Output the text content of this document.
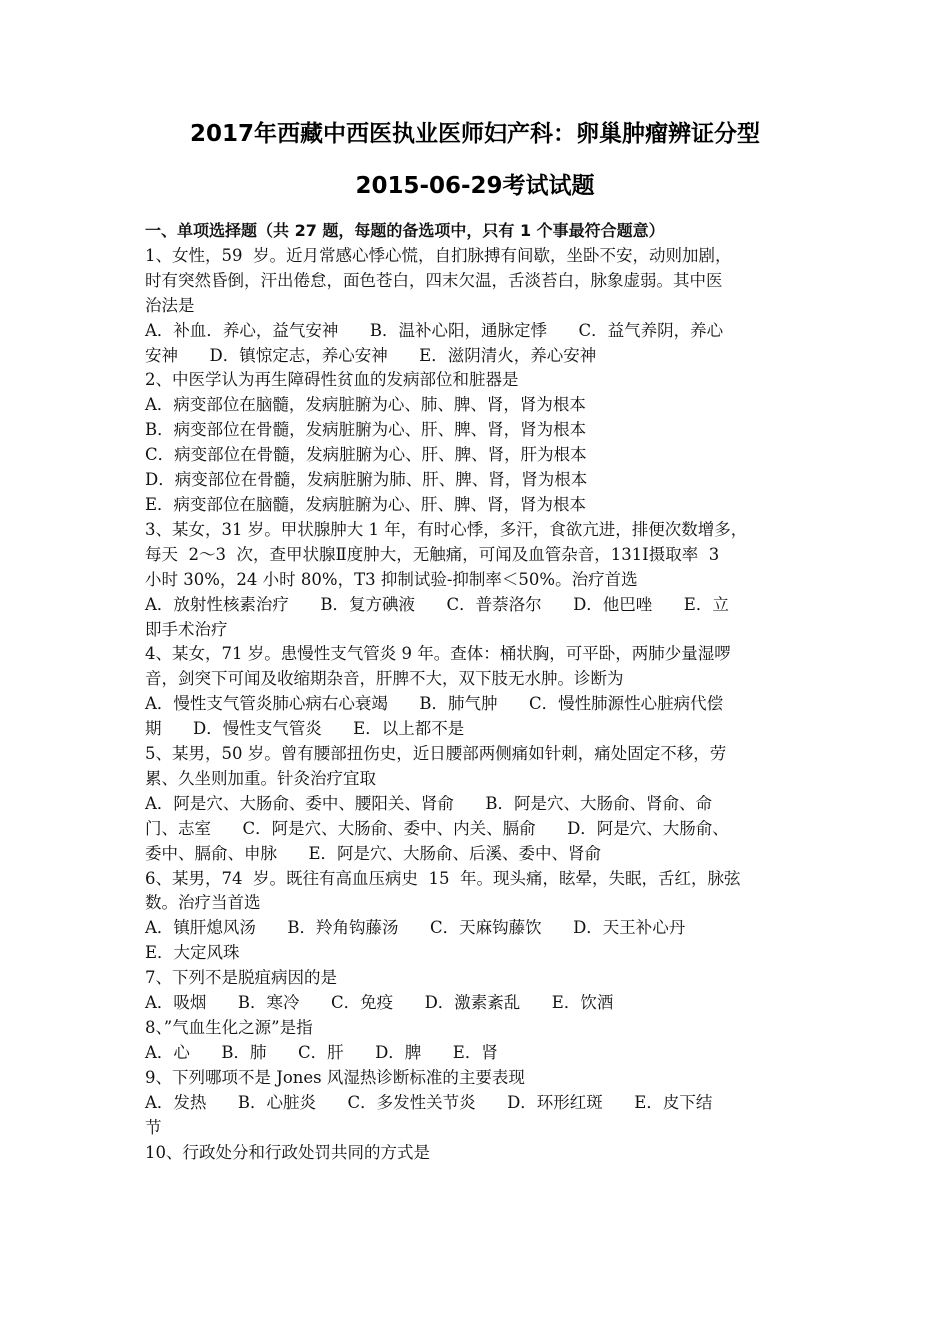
2017年西藏中西医执业医师妇产科：卵巢肿瘤辨证分型
2015-06-29考试试题
一、单项选择题（共 27 题，每题的备选项中，只有 1 个事最符合题意）
1、女性，59  岁。近月常感心悸心慌，自扪脉搏有间歇，坐卧不安，动则加剧，
时有突然昏倒，汗出倦怠，面色苍白，四末欠温，舌淡苔白，脉象虚弱。其中医
治法是
A．补血．养心，益气安神      B．温补心阳，通脉定悸      C．益气养阴，养心
安神      D．镇惊定志，养心安神      E．滋阴清火，养心安神
2、中医学认为再生障碍性贫血的发病部位和脏器是
A．病变部位在脑髓，发病脏腑为心、肺、脾、肾，肾为根本
B．病变部位在骨髓，发病脏腑为心、肝、脾、肾，肾为根本
C．病变部位在骨髓，发病脏腑为心、肝、脾、肾，肝为根本
D．病变部位在骨髓，发病脏腑为肺、肝、脾、肾，肾为根本
E．病变部位在脑髓，发病脏腑为心、肝、脾、肾，肾为根本
3、某女，31 岁。甲状腺肿大 1 年，有时心悸，多汗，食欲亢进，排便次数增多，
每天  2～3  次，查甲状腺Ⅱ度肿大，无触痛，可闻及血管杂音，131Ⅰ摄取率  3
小时 30%，24 小时 80%，T3 抑制试验-抑制率＜50%。治疗首选
A．放射性核素治疗      B．复方碘液      C．普萘洛尔      D．他巴唑      E．立
即手术治疗
4、某女，71 岁。患慢性支气管炎 9 年。查体：桶状胸，可平卧，两肺少量湿啰
音，剑突下可闻及收缩期杂音，肝脾不大，双下肢无水肿。诊断为
A．慢性支气管炎肺心病右心衰竭      B．肺气肿      C．慢性肺源性心脏病代偿
期      D．慢性支气管炎      E．以上都不是
5、某男，50 岁。曾有腰部扭伤史，近日腰部两侧痛如针刺，痛处固定不移，劳
累、久坐则加重。针灸治疗宜取
A．阿是穴、大肠俞、委中、腰阳关、肾俞      B．阿是穴、大肠俞、肾俞、命
门、志室      C．阿是穴、大肠俞、委中、内关、膈俞      D．阿是穴、大肠俞、
委中、膈俞、申脉      E．阿是穴、大肠俞、后溪、委中、肾俞
6、某男，74  岁。既往有高血压病史  15  年。现头痛，眩晕，失眠，舌红，脉弦
数。治疗当首选
A．镇肝熄风汤      B．羚角钩藤汤      C．天麻钩藤饮      D．天王补心丹
E．大定风珠
7、下列不是脱疽病因的是
A．吸烟      B．寒冷      C．免疫      D．激素紊乱      E．饮酒
8、”气血生化之源”是指
A．心      B．肺      C．肝      D．脾      E．肾
9、下列哪项不是 Jones 风湿热诊断标准的主要表现
A．发热      B．心脏炎      C．多发性关节炎      D．环形红斑      E．皮下结
节
10、行政处分和行政处罚共同的方式是
